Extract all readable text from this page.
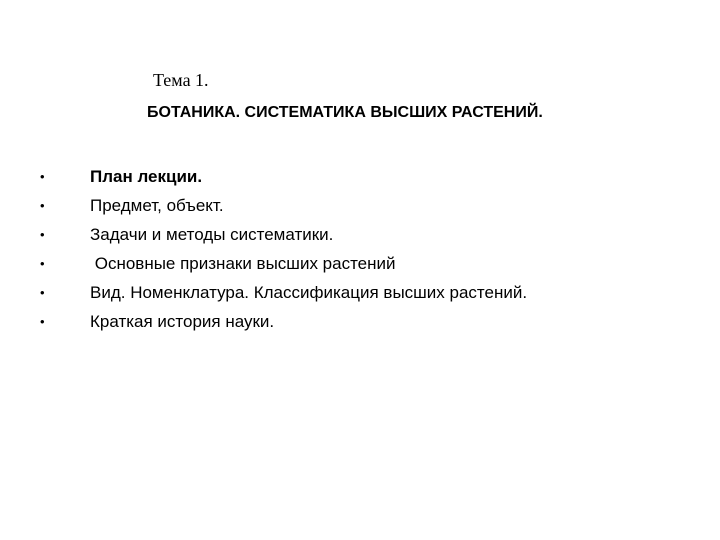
Тема 1.
БОТАНИКА. СИСТЕМАТИКА ВЫСШИХ РАСТЕНИЙ.
•	План лекции.
•	Предмет, объект.
•	Задачи и методы систематики.
•	Основные признаки высших растений
•	Вид. Номенклатура. Классификация высших растений.
•	Краткая история науки.
